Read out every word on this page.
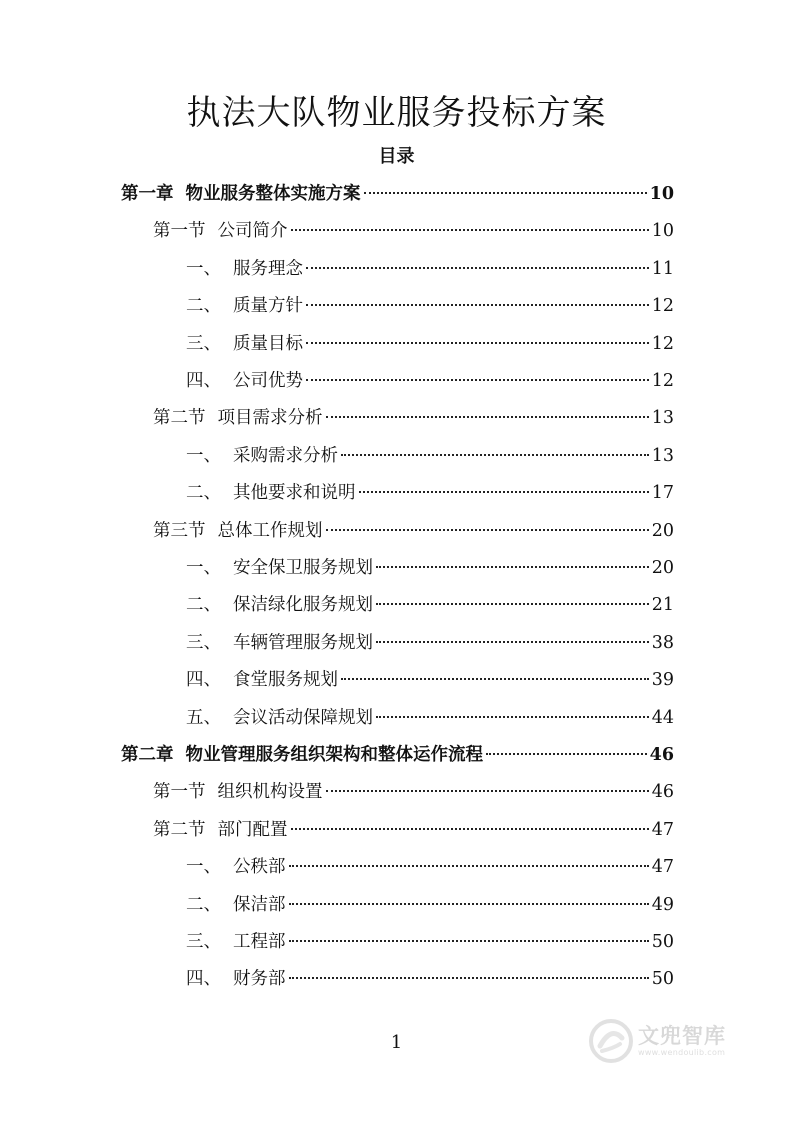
执法大队物业服务投标方案
目录
第一章 物业服务整体实施方案	10
第一节 公司简介	10
一、 服务理念	11
二、 质量方针	12
三、 质量目标	12
四、 公司优势	12
第二节 项目需求分析	13
一、 采购需求分析	13
二、 其他要求和说明	17
第三节 总体工作规划	20
一、 安全保卫服务规划	20
二、 保洁绿化服务规划	21
三、 车辆管理服务规划	38
四、 食堂服务规划	39
五、 会议活动保障规划	44
第二章 物业管理服务组织架构和整体运作流程	46
第一节 组织机构设置	46
第二节 部门配置	47
一、 公秩部	47
二、 保洁部	49
三、 工程部	50
四、 财务部	50
1	文兜智库
www.wendoulib.com
